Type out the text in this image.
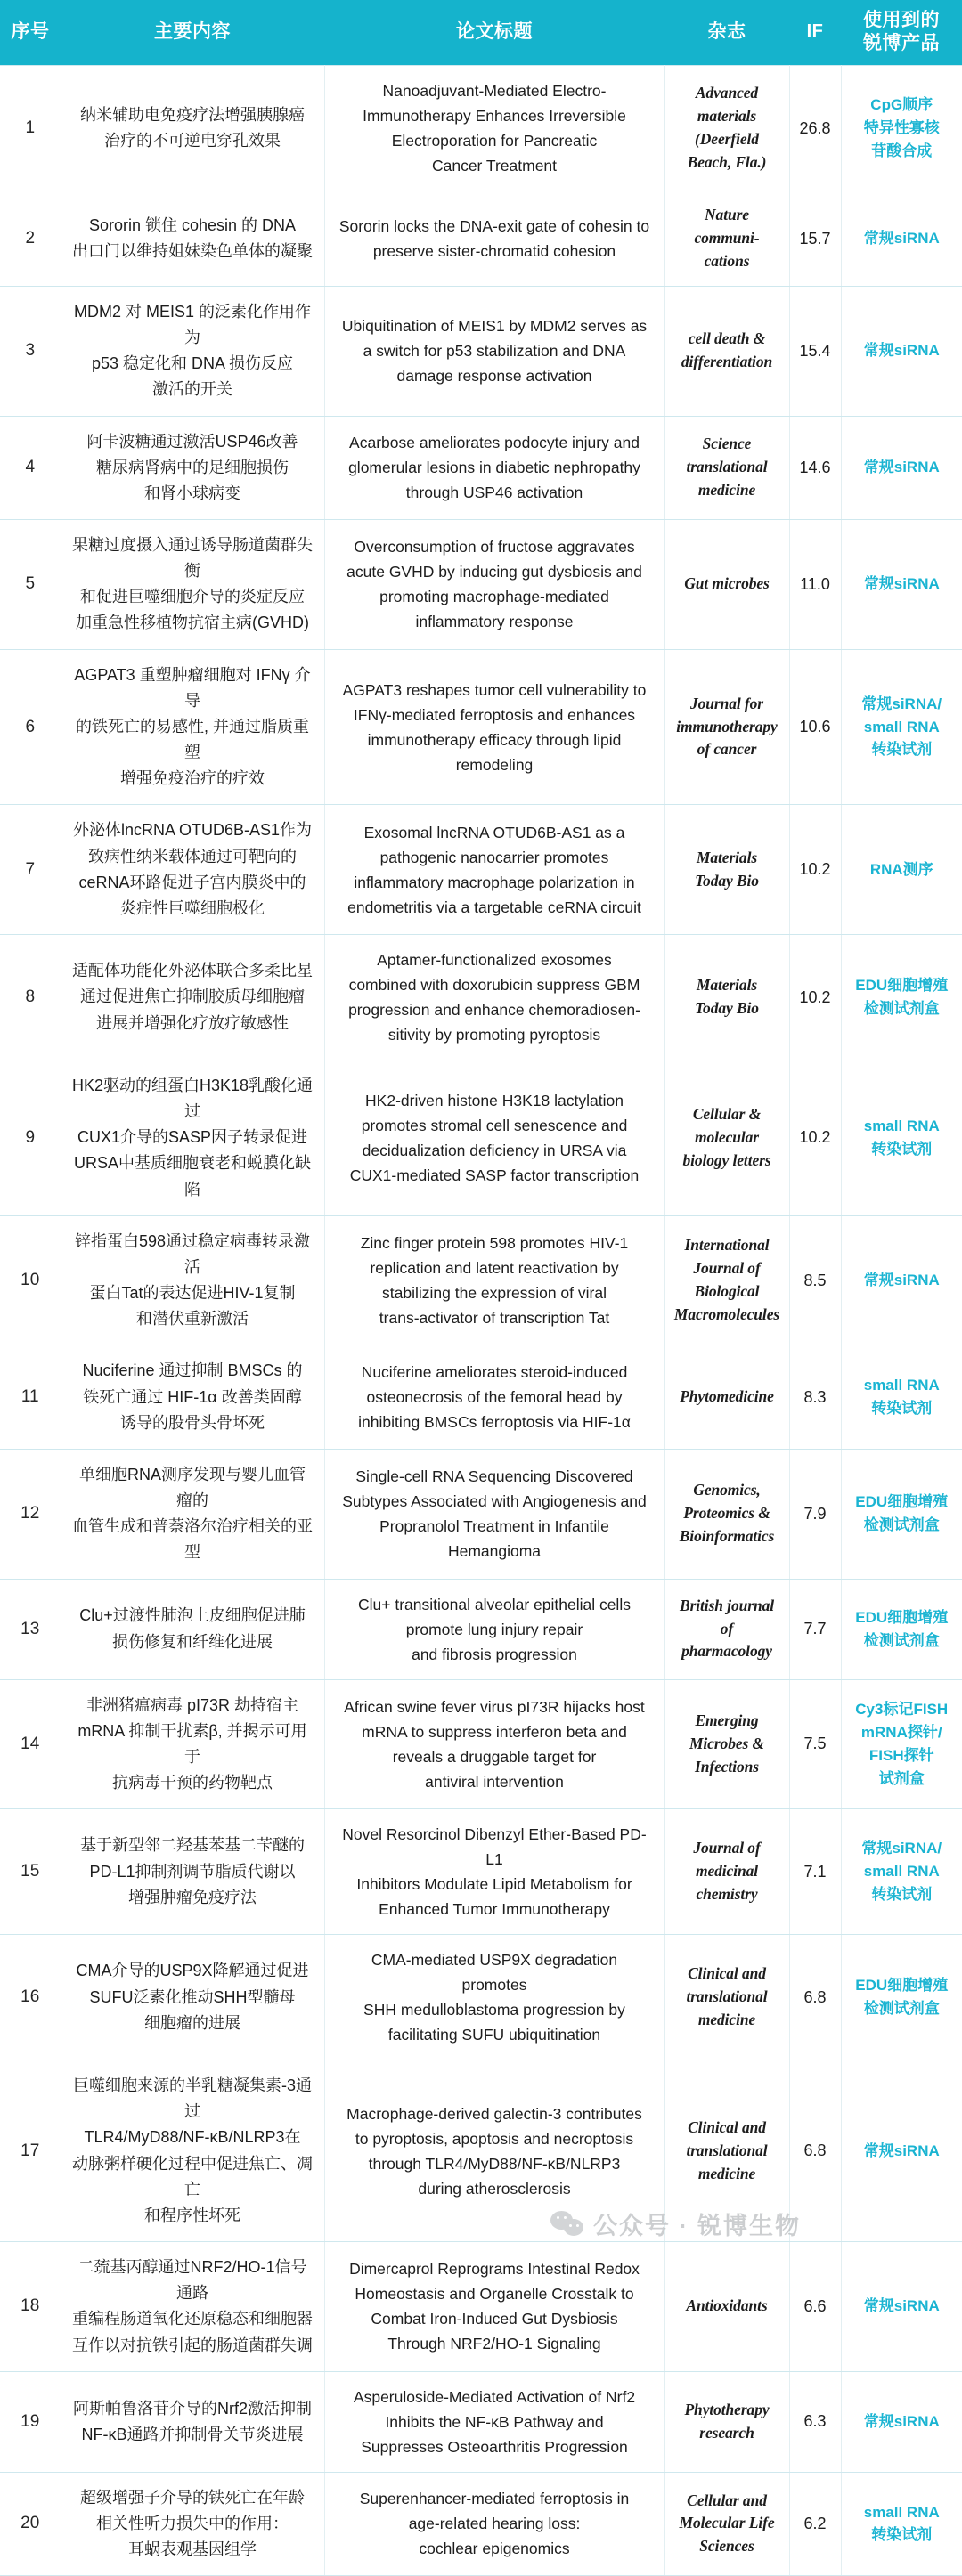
序号	主要内容	论文标题	杂志	IF	使用到的
锐博产品

1	纳米辅助电免疫疗法增强胰腺癌
治疗的不可逆电穿孔效果	Nanoadjuvant-Mediated Electro-
Immunotherapy Enhances Irreversible
Electroporation for Pancreatic
Cancer Treatment	Advanced
materials
(Deerfield
Beach, Fla.)	26.8	CpG顺序
特异性寡核
苷酸合成

2	Sororin 锁住 cohesin 的 DNA
出口门以维持姐妹染色单体的凝聚	Sororin locks the DNA-exit gate of cohesin to
preserve sister-chromatid cohesion	Nature
communi-
cations	15.7	常规siRNA

3	MDM2 对 MEIS1 的泛素化作用作为
p53 稳定化和 DNA 损伤反应
激活的开关	Ubiquitination of MEIS1 by MDM2 serves as
a switch for p53 stabilization and DNA
damage response activation	cell death &
differentiation	15.4	常规siRNA

4	阿卡波糖通过激活USP46改善
糖尿病肾病中的足细胞损伤
和肾小球病变	Acarbose ameliorates podocyte injury and
glomerular lesions in diabetic nephropathy
through USP46 activation	Science
translational
medicine	14.6	常规siRNA

5	果糖过度摄入通过诱导肠道菌群失衡
和促进巨噬细胞介导的炎症反应
加重急性移植物抗宿主病(GVHD)	Overconsumption of fructose aggravates
acute GVHD by inducing gut dysbiosis and
promoting macrophage-mediated
inflammatory response	Gut microbes	11.0	常规siRNA

6	AGPAT3 重塑肿瘤细胞对 IFNγ 介导
的铁死亡的易感性, 并通过脂质重塑
增强免疫治疗的疗效	AGPAT3 reshapes tumor cell vulnerability to
IFNγ-mediated ferroptosis and enhances
immunotherapy efficacy through lipid
remodeling	Journal for
immunotherapy
of cancer	10.6	常规siRNA/
small RNA
转染试剂

7	外泌体lncRNA OTUD6B-AS1作为
致病性纳米载体通过可靶向的
ceRNA环路促进子宫内膜炎中的
炎症性巨噬细胞极化	Exosomal lncRNA OTUD6B-AS1 as a
pathogenic nanocarrier promotes
inflammatory macrophage polarization in
endometritis via a targetable ceRNA circuit	Materials
Today Bio	10.2	RNA测序

8	适配体功能化外泌体联合多柔比星
通过促进焦亡抑制胶质母细胞瘤
进展并增强化疗放疗敏感性	Aptamer-functionalized exosomes
combined with doxorubicin suppress GBM
progression and enhance chemoradiosen-
sitivity by promoting pyroptosis	Materials
Today Bio	10.2	EDU细胞增殖
检测试剂盒

9	HK2驱动的组蛋白H3K18乳酸化通过
CUX1介导的SASP因子转录促进
URSA中基质细胞衰老和蜕膜化缺陷	HK2-driven histone H3K18 lactylation
promotes stromal cell senescence and
decidualization deficiency in URSA via
CUX1-mediated SASP factor transcription	Cellular &
molecular
biology letters	10.2	small RNA
转染试剂

10	锌指蛋白598通过稳定病毒转录激活
蛋白Tat的表达促进HIV-1复制
和潜伏重新激活	Zinc finger protein 598 promotes HIV-1
replication and latent reactivation by
stabilizing the expression of viral
trans-activator of transcription Tat	International
Journal of
Biological
Macromolecules	8.5	常规siRNA

11	Nuciferine 通过抑制 BMSCs 的
铁死亡通过 HIF-1α 改善类固醇
诱导的股骨头骨坏死	Nuciferine ameliorates steroid-induced
osteonecrosis of the femoral head by
inhibiting BMSCs ferroptosis via HIF-1α	Phytomedicine	8.3	small RNA
转染试剂

12	单细胞RNA测序发现与婴儿血管瘤的
血管生成和普萘洛尔治疗相关的亚型	Single-cell RNA Sequencing Discovered
Subtypes Associated with Angiogenesis and
Propranolol Treatment in Infantile Hemangioma	Genomics,
Proteomics &
Bioinformatics	7.9	EDU细胞增殖
检测试剂盒

13	Clu+过渡性肺泡上皮细胞促进肺
损伤修复和纤维化进展	Clu+ transitional alveolar epithelial cells
promote lung injury repair
and fibrosis progression	British journal
of
pharmacology	7.7	EDU细胞增殖
检测试剂盒

14	非洲猪瘟病毒 pI73R 劫持宿主
mRNA 抑制干扰素β, 并揭示可用于
抗病毒干预的药物靶点	African swine fever virus pI73R hijacks host
mRNA to suppress interferon beta and
reveals a druggable target for
antiviral intervention	Emerging
Microbes &
Infections	7.5	Cy3标记FISH
mRNA探针/
FISH探针
试剂盒

15	基于新型邻二羟基苯基二苄醚的
PD-L1抑制剂调节脂质代谢以
增强肿瘤免疫疗法	Novel Resorcinol Dibenzyl Ether-Based PD-L1
Inhibitors Modulate Lipid Metabolism for
Enhanced Tumor Immunotherapy	Journal of
medicinal
chemistry	7.1	常规siRNA/
small RNA
转染试剂

16	CMA介导的USP9X降解通过促进
SUFU泛素化推动SHH型髓母
细胞瘤的进展	CMA-mediated USP9X degradation promotes
SHH medulloblastoma progression by
facilitating SUFU ubiquitination	Clinical and
translational
medicine	6.8	EDU细胞增殖
检测试剂盒

17	巨噬细胞来源的半乳糖凝集素-3通过
TLR4/MyD88/NF-κB/NLRP3在
动脉粥样硬化过程中促进焦亡、凋亡
和程序性坏死	Macrophage-derived galectin-3 contributes
to pyroptosis, apoptosis and necroptosis
through TLR4/MyD88/NF-κB/NLRP3
during atherosclerosis	Clinical and
translational
medicine	6.8	常规siRNA

18	二巯基丙醇通过NRF2/HO-1信号通路
重编程肠道氧化还原稳态和细胞器
互作以对抗铁引起的肠道菌群失调	Dimercaprol Reprograms Intestinal Redox
Homeostasis and Organelle Crosstalk to
Combat Iron-Induced Gut Dysbiosis
Through NRF2/HO-1 Signaling	Antioxidants	6.6	常规siRNA

19	阿斯帕鲁洛苷介导的Nrf2激活抑制
NF-κB通路并抑制骨关节炎进展	Asperuloside-Mediated Activation of Nrf2
Inhibits the NF-κB Pathway and
Suppresses Osteoarthritis Progression	Phytotherapy
research	6.3	常规siRNA

20	超级增强子介导的铁死亡在年龄
相关性听力损失中的作用：
耳蜗表观基因组学	Superenhancer-mediated ferroptosis in
age-related hearing loss:
cochlear epigenomics	Cellular and
Molecular Life
Sciences	6.2	small RNA
转染试剂
公众号 · 锐博生物
